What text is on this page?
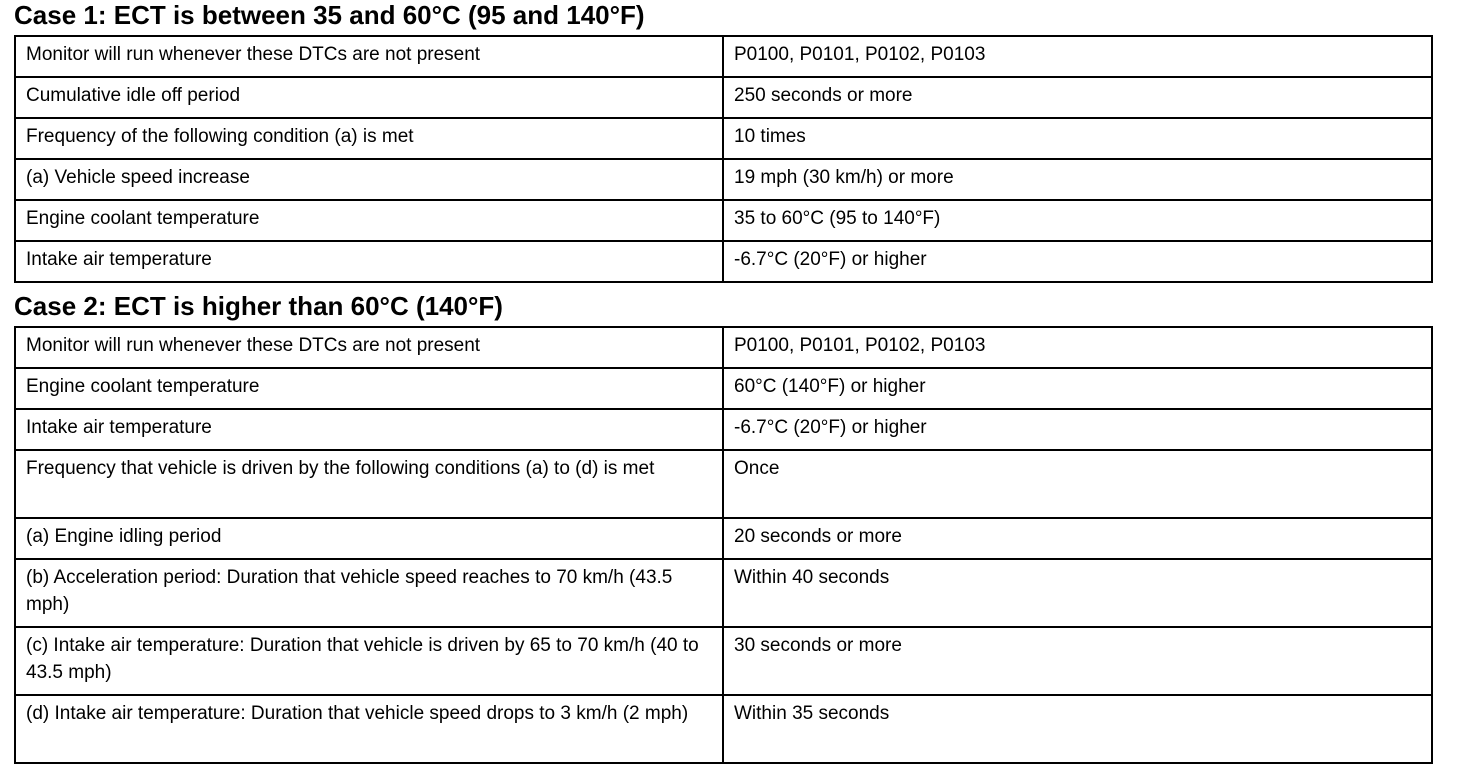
Case 1: ECT is between 35 and 60°C (95 and 140°F)
Monitor will run whenever these DTCs are not present	P0100, P0101, P0102, P0103
Cumulative idle off period	250 seconds or more
Frequency of the following condition (a) is met	10 times
(a) Vehicle speed increase	19 mph (30 km/h) or more
Engine coolant temperature	35 to 60°C (95 to 140°F)
Intake air temperature	-6.7°C (20°F) or higher
Case 2: ECT is higher than 60°C (140°F)
Monitor will run whenever these DTCs are not present	P0100, P0101, P0102, P0103
Engine coolant temperature	60°C (140°F) or higher
Intake air temperature	-6.7°C (20°F) or higher
Frequency that vehicle is driven by the following conditions (a) to (d) is met	Once
(a) Engine idling period	20 seconds or more
(b) Acceleration period: Duration that vehicle speed reaches to 70 km/h (43.5 mph)	Within 40 seconds
(c) Intake air temperature: Duration that vehicle is driven by 65 to 70 km/h (40 to 43.5 mph)	30 seconds or more
(d) Intake air temperature: Duration that vehicle speed drops to 3 km/h (2 mph)	Within 35 seconds
